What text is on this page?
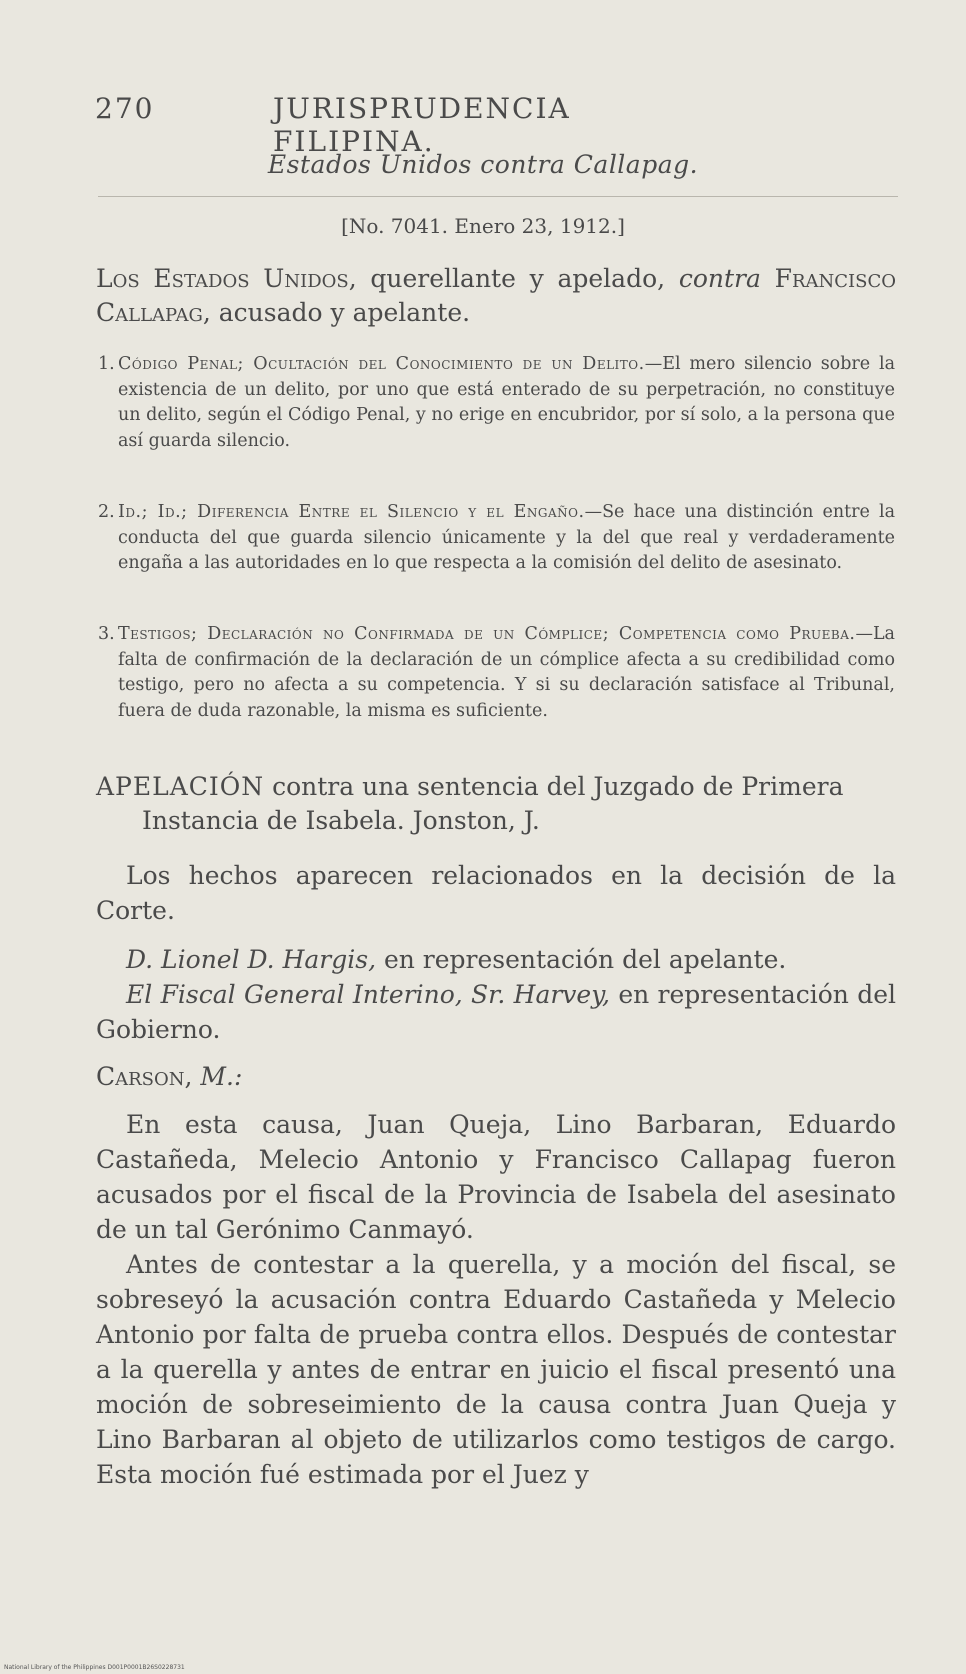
270	JURISPRUDENCIA FILIPINA.
Estados Unidos contra Callapag.
[No. 7041. Enero 23, 1912.]
Los Estados Unidos, querellante y apelado, contra Francisco Callapag, acusado y apelante.
1. Código Penal; Ocultación del Conocimiento de un Delito.—El mero silencio sobre la existencia de un delito, por uno que está enterado de su perpetración, no constituye un delito, según el Código Penal, y no erige en encubridor, por sí solo, a la persona que así guarda silencio.
2. Id.; Id.; Diferencia Entre el Silencio y el Engaño.—Se hace una distinción entre la conducta del que guarda silencio únicamente y la del que real y verdaderamente engaña a las autoridades en lo que respecta a la comisión del delito de asesinato.
3. Testigos; Declaración no Confirmada de un Cómplice; Competencia como Prueba.—La falta de confirmación de la declaración de un cómplice afecta a su credibilidad como testigo, pero no afecta a su competencia. Y si su declaración satisface al Tribunal, fuera de duda razonable, la misma es suficiente.
APELACIÓN contra una sentencia del Juzgado de Primera
Instancia de Isabela. Jonston, J.
Los hechos aparecen relacionados en la decisión de la Corte.
D. Lionel D. Hargis, en representación del apelante.
El Fiscal General Interino, Sr. Harvey, en representación del Gobierno.
Carson, M.:
En esta causa, Juan Queja, Lino Barbaran, Eduardo Castañeda, Melecio Antonio y Francisco Callapag fueron acusados por el fiscal de la Provincia de Isabela del asesinato de un tal Gerónimo Canmayó.
Antes de contestar a la querella, y a moción del fiscal, se sobreseyó la acusación contra Eduardo Castañeda y Melecio Antonio por falta de prueba contra ellos. Después de contestar a la querella y antes de entrar en juicio el fiscal presentó una moción de sobreseimiento de la causa contra Juan Queja y Lino Barbaran al objeto de utilizarlos como testigos de cargo. Esta moción fué estimada por el Juez y
National Library of the Philippines D001P0001B26S0228731
